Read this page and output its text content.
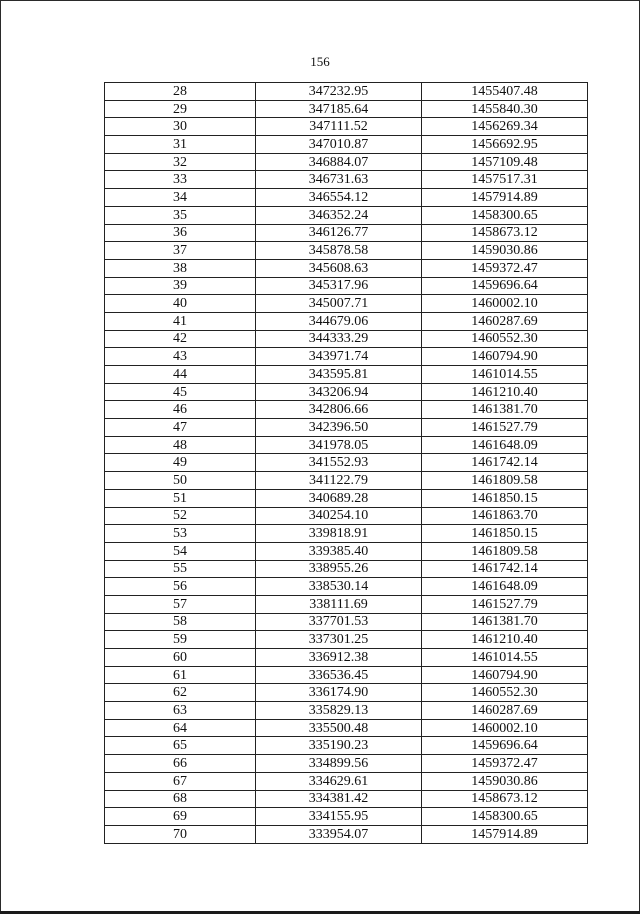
156
28	347232.95	1455407.48
29	347185.64	1455840.30
30	347111.52	1456269.34
31	347010.87	1456692.95
32	346884.07	1457109.48
33	346731.63	1457517.31
34	346554.12	1457914.89
35	346352.24	1458300.65
36	346126.77	1458673.12
37	345878.58	1459030.86
38	345608.63	1459372.47
39	345317.96	1459696.64
40	345007.71	1460002.10
41	344679.06	1460287.69
42	344333.29	1460552.30
43	343971.74	1460794.90
44	343595.81	1461014.55
45	343206.94	1461210.40
46	342806.66	1461381.70
47	342396.50	1461527.79
48	341978.05	1461648.09
49	341552.93	1461742.14
50	341122.79	1461809.58
51	340689.28	1461850.15
52	340254.10	1461863.70
53	339818.91	1461850.15
54	339385.40	1461809.58
55	338955.26	1461742.14
56	338530.14	1461648.09
57	338111.69	1461527.79
58	337701.53	1461381.70
59	337301.25	1461210.40
60	336912.38	1461014.55
61	336536.45	1460794.90
62	336174.90	1460552.30
63	335829.13	1460287.69
64	335500.48	1460002.10
65	335190.23	1459696.64
66	334899.56	1459372.47
67	334629.61	1459030.86
68	334381.42	1458673.12
69	334155.95	1458300.65
70	333954.07	1457914.89
